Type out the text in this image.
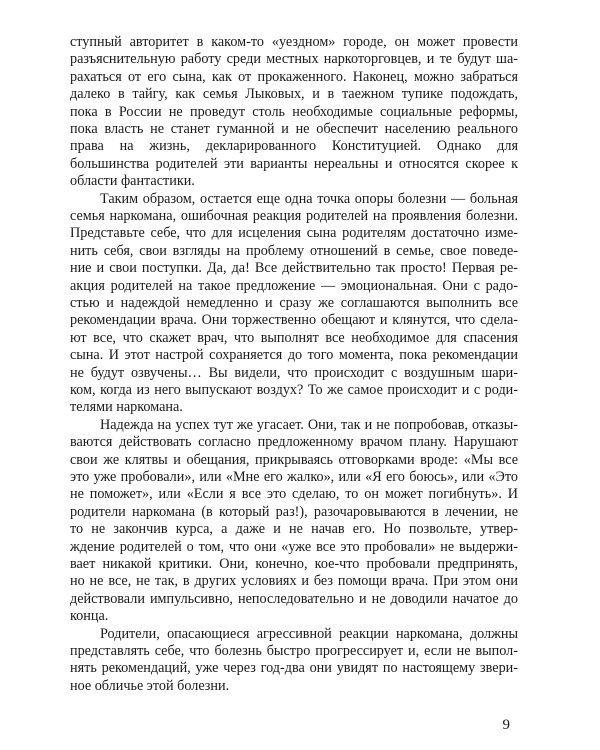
ступный авторитет в каком-то «уездном» городе, он может провести
разъяснительную работу среди местных наркоторговцев, и те будут ша-
рахаться от его сына, как от прокаженного. Наконец, можно забраться
далеко в тайгу, как семья Лыковых, и в таежном тупике подождать,
пока в России не проведут столь необходимые социальные реформы,
пока власть не станет гуманной и не обеспечит населению реального
права на жизнь, декларированного Конституцией. Однако для
большинства родителей эти варианты нереальны и относятся скорее к
области фантастики.
Таким образом, остается еще одна точка опоры болезни — больная
семья наркомана, ошибочная реакция родителей на проявления болезни.
Представьте себе, что для исцеления сына родителям достаточно изме-
нить себя, свои взгляды на проблему отношений в семье, свое поведе-
ние и свои поступки. Да, да! Все действительно так просто! Первая ре-
акция родителей на такое предложение — эмоциональная. Они с радо-
стью и надеждой немедленно и сразу же соглашаются выполнить все
рекомендации врача. Они торжественно обещают и клянутся, что сдела-
ют все, что скажет врач, что выполнят все необходимое для спасения
сына. И этот настрой сохраняется до того момента, пока рекомендации
не будут озвучены… Вы видели, что происходит с воздушным шари-
ком, когда из него выпускают воздух? То же самое происходит и с роди-
телями наркомана.
Надежда на успех тут же угасает. Они, так и не попробовав, отказы-
ваются действовать согласно предложенному врачом плану. Нарушают
свои же клятвы и обещания, прикрываясь отговорками вроде: «Мы все
это уже пробовали», или «Мне его жалко», или «Я его боюсь», или «Это
не поможет», или «Если я все это сделаю, то он может погибнуть». И
родители наркомана (в который раз!), разочаровываются в лечении, не
то не закончив курса, а даже и не начав его. Но позвольте, утвер-
ждение родителей о том, что они «уже все это пробовали» не выдержи-
вает никакой критики. Они, конечно, кое-что пробовали предпринять,
но не все, не так, в других условиях и без помощи врача. При этом они
действовали импульсивно, непоследовательно и не доводили начатое до
конца.
Родители, опасающиеся агрессивной реакции наркомана, должны
представлять себе, что болезнь быстро прогрессирует и, если не выпол-
нять рекомендаций, уже через год-два они увидят по настоящему звери-
ное обличье этой болезни.
9
